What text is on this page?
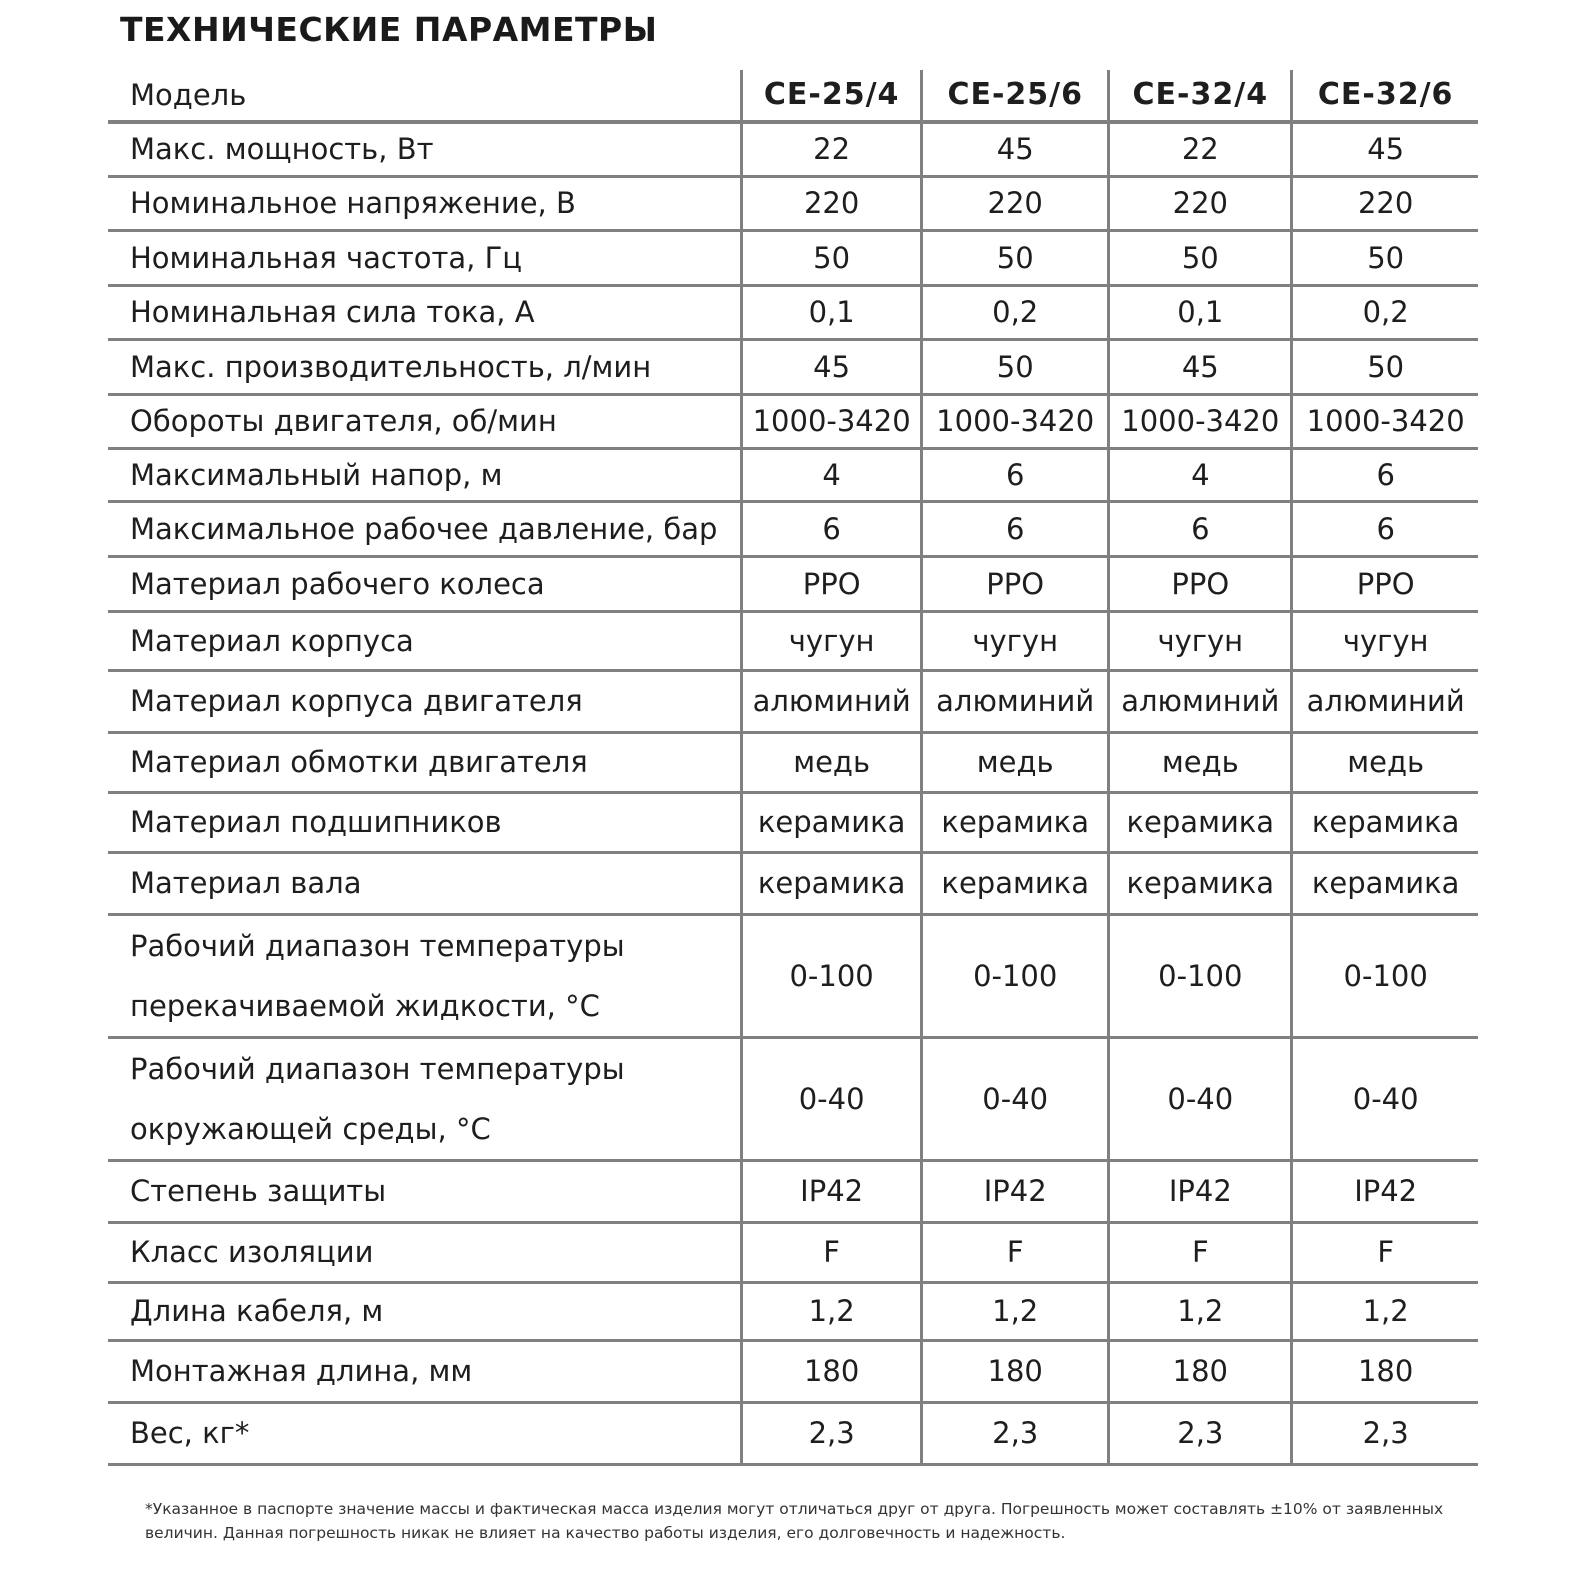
ТЕХНИЧЕСКИЕ ПАРАМЕТРЫ
Модель	CE-25/4	CE-25/6	CE-32/4	CE-32/6
Макс. мощность, Вт	22	45	22	45
Номинальное напряжение, В	220	220	220	220
Номинальная частота, Гц	50	50	50	50
Номинальная сила тока, А	0,1	0,2	0,1	0,2
Макс. производительность, л/мин	45	50	45	50
Обороты двигателя, об/мин	1000-3420	1000-3420	1000-3420	1000-3420
Максимальный напор, м	4	6	4	6
Максимальное рабочее давление, бар	6	6	6	6
Материал рабочего колеса	PPO	PPO	PPO	PPO
Материал корпуса	чугун	чугун	чугун	чугун
Материал корпуса двигателя	алюминий	алюминий	алюминий	алюминий
Материал обмотки двигателя	медь	медь	медь	медь
Материал подшипников	керамика	керамика	керамика	керамика
Материал вала	керамика	керамика	керамика	керамика
Рабочий диапазон температуры перекачиваемой жидкости, °C	0-100	0-100	0-100	0-100
Рабочий диапазон температуры окружающей среды, °C	0-40	0-40	0-40	0-40
Степень защиты	IP42	IP42	IP42	IP42
Класс изоляции	F	F	F	F
Длина кабеля, м	1,2	1,2	1,2	1,2
Монтажная длина, мм	180	180	180	180
Вес, кг*	2,3	2,3	2,3	2,3
*Указанное в паспорте значение массы и фактическая масса изделия могут отличаться друг от друга. Погрешность может составлять ±10% от заявленных величин. Данная погрешность никак не влияет на качество работы изделия, его долговечность и надежность.
